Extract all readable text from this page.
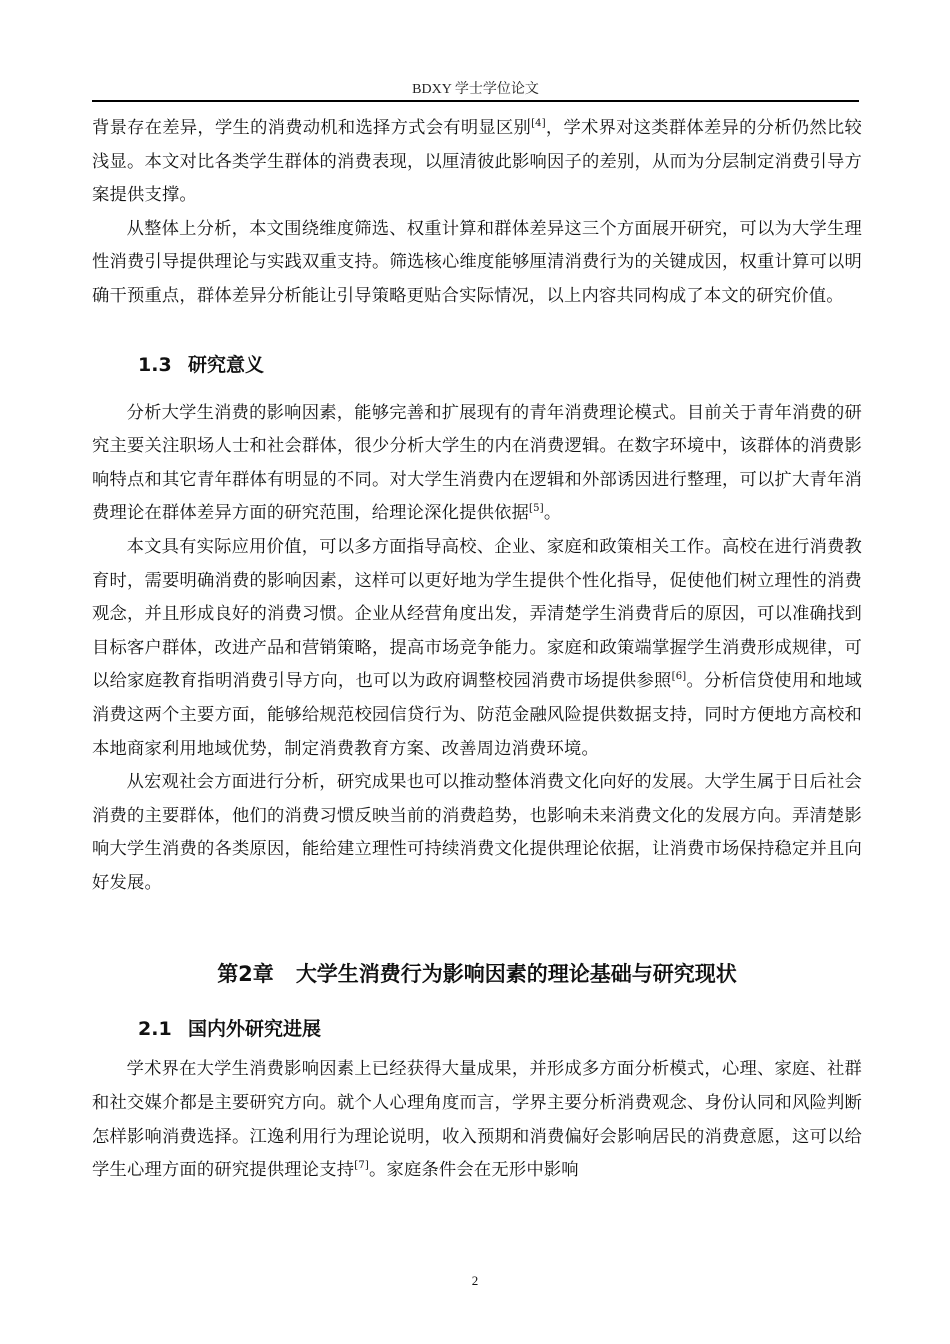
BDXY 学士学位论文

背景存在差异，学生的消费动机和选择方式会有明显区别[4]，学术界对这类群体差异的分析仍然比较浅显。本文对比各类学生群体的消费表现，以厘清彼此影响因子的差别，从而为分层制定消费引导方案提供支撑。

从整体上分析，本文围绕维度筛选、权重计算和群体差异这三个方面展开研究，可以为大学生理性消费引导提供理论与实践双重支持。筛选核心维度能够厘清消费行为的关键成因，权重计算可以明确干预重点，群体差异分析能让引导策略更贴合实际情况，以上内容共同构成了本文的研究价值。

1.3 研究意义

分析大学生消费的影响因素，能够完善和扩展现有的青年消费理论模式。目前关于青年消费的研究主要关注职场人士和社会群体，很少分析大学生的内在消费逻辑。在数字环境中，该群体的消费影响特点和其它青年群体有明显的不同。对大学生消费内在逻辑和外部诱因进行整理，可以扩大青年消费理论在群体差异方面的研究范围，给理论深化提供依据[5]。

本文具有实际应用价值，可以多方面指导高校、企业、家庭和政策相关工作。高校在进行消费教育时，需要明确消费的影响因素，这样可以更好地为学生提供个性化指导，促使他们树立理性的消费观念，并且形成良好的消费习惯。企业从经营角度出发，弄清楚学生消费背后的原因，可以准确找到目标客户群体，改进产品和营销策略，提高市场竞争能力。家庭和政策端掌握学生消费形成规律，可以给家庭教育指明消费引导方向，也可以为政府调整校园消费市场提供参照[6]。分析信贷使用和地域消费这两个主要方面，能够给规范校园信贷行为、防范金融风险提供数据支持，同时方便地方高校和本地商家利用地域优势，制定消费教育方案、改善周边消费环境。

从宏观社会方面进行分析，研究成果也可以推动整体消费文化向好的发展。大学生属于日后社会消费的主要群体，他们的消费习惯反映当前的消费趋势，也影响未来消费文化的发展方向。弄清楚影响大学生消费的各类原因，能给建立理性可持续消费文化提供理论依据，让消费市场保持稳定并且向好发展。

第2章 大学生消费行为影响因素的理论基础与研究现状
2.1 国内外研究进展

学术界在大学生消费影响因素上已经获得大量成果，并形成多方面分析模式，心理、家庭、社群和社交媒介都是主要研究方向。就个人心理角度而言，学界主要分析消费观念、身份认同和风险判断怎样影响消费选择。江逸利用行为理论说明，收入预期和消费偏好会影响居民的消费意愿，这可以给学生心理方面的研究提供理论支持[7]。家庭条件会在无形中影响

2
